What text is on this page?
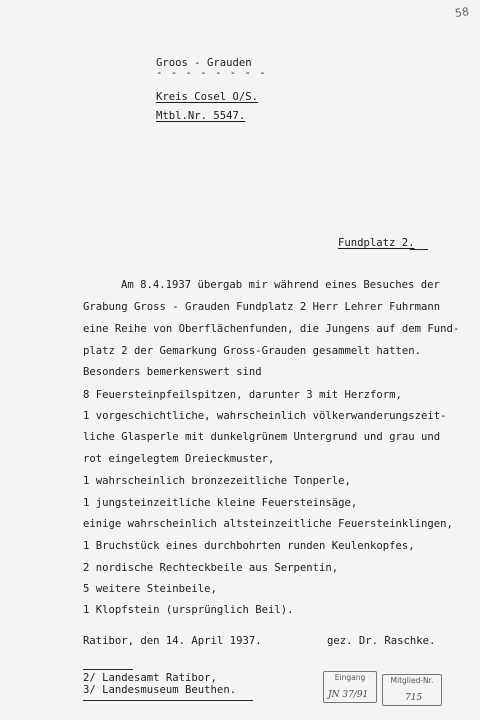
58
Groos - Grauden
- - - - - - - -
Kreis Cosel O/S.
Mtbl.Nr. 5547.
Fundplatz 2.
Am 8.4.1937 übergab mir während eines Besuches der
Grabung Gross - Grauden Fundplatz 2 Herr Lehrer Fuhrmann
eine Reihe von Oberflächenfunden, die Jungens auf dem Fund-
platz 2 der Gemarkung Gross-Grauden gesammelt hatten.
Besonders bemerkenswert sind
8 Feuersteinpfeilspitzen, darunter 3 mit Herzform,
1 vorgeschichtliche, wahrscheinlich völkerwanderungszeit-
liche Glasperle mit dunkelgrünem Untergrund und grau und
rot eingelegtem Dreieckmuster,
1 wahrscheinlich bronzezeitliche Tonperle,
1 jungsteinzeitliche kleine Feuersteinsäge,
einige wahrscheinlich altsteinzeitliche Feuersteinklingen,
1 Bruchstück eines durchbohrten runden Keulenkopfes,
2 nordische Rechteckbeile aus Serpentin,
5 weitere Steinbeile,
1 Klopfstein (ursprünglich Beil).
Ratibor, den 14. April 1937.	gez. Dr. Raschke.
2/ Landesamt Ratibor,
3/ Landesmuseum Beuthen.
Eingang
JN 37/91
Mitglied-Nr.
715
